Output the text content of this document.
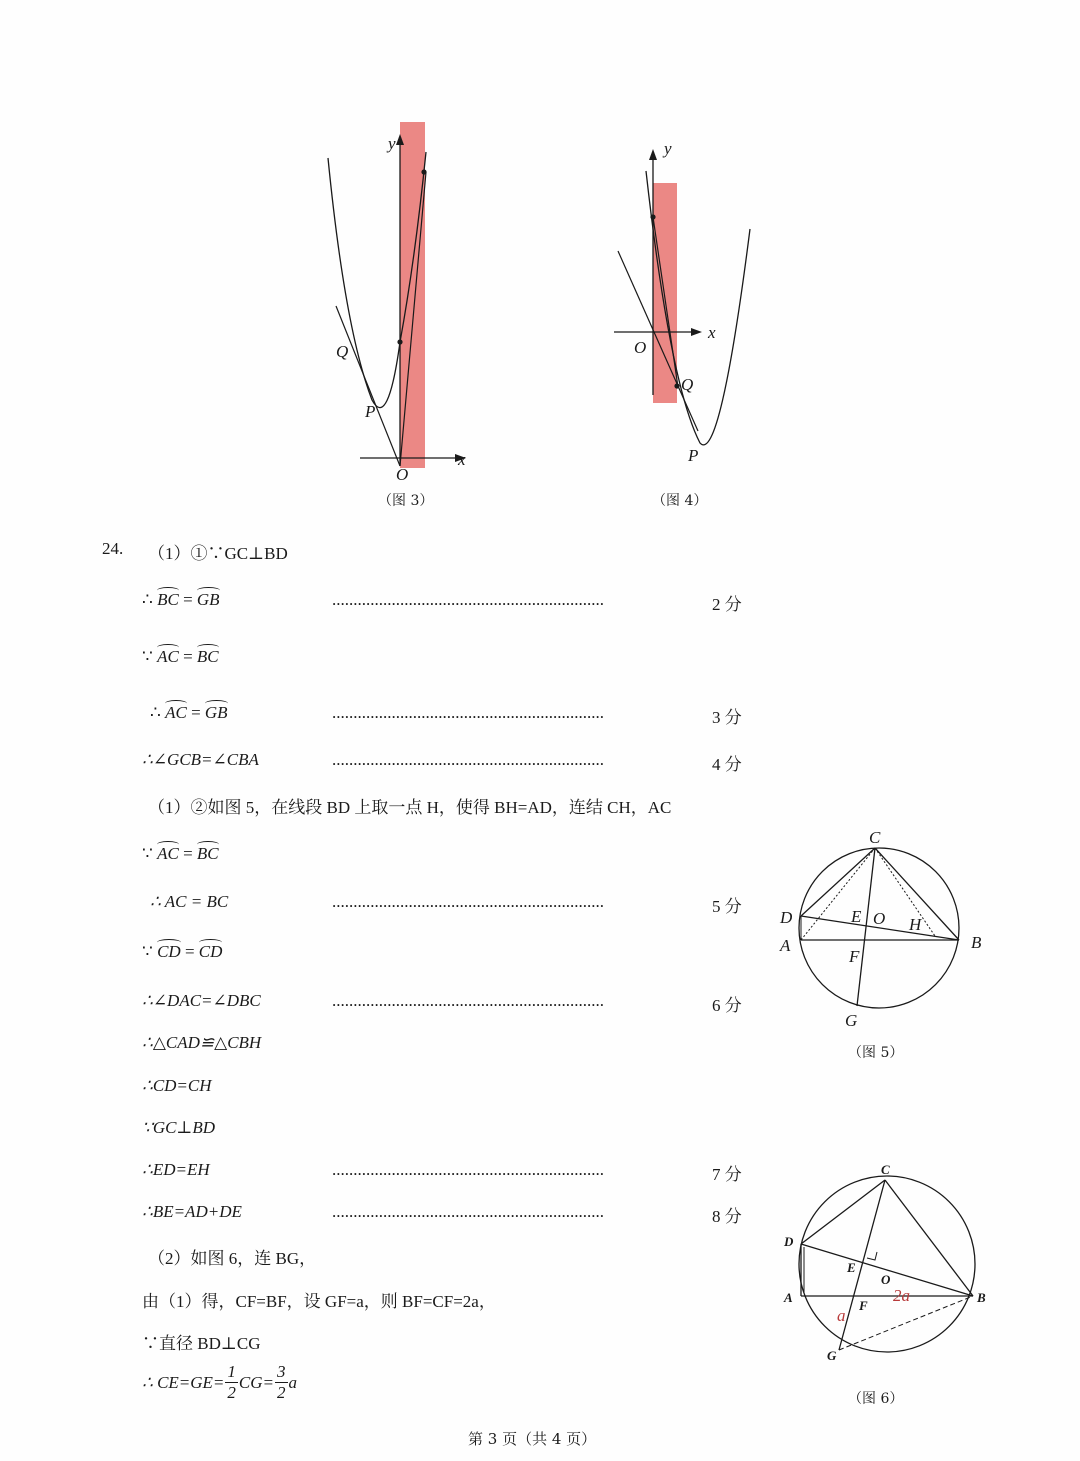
y
x
O
Q
P
（图 3）
y
x
O
Q
P
（图 4）
24. （1）①∵GC⊥BD
∴ BC = GB	................................................................	2 分
∵ AC = BC
∴ AC = GB	................................................................	3 分
∴∠GCB=∠CBA	................................................................	4 分
（1）②如图 5，在线段 BD 上取一点 H，使得 BH=AD，连结 CH，AC
∵ AC = BC
∴ AC = BC	................................................................	5 分
∵ CD = CD
∴∠DAC=∠DBC	................................................................	6 分
∴△CAD≌△CBH
∴CD=CH
∵GC⊥BD
∴ED=EH	................................................................	7 分
∴BE=AD+DE	................................................................	8 分
（2）如图 6，连 BG，
由（1）得，CF=BF，设 GF=a，则 BF=CF=2a，
∵直径 BD⊥CG
∴ $CE=GE= \frac{1}{2} CG= \frac{3}{2}$ a
C
D
A
E O H
B
F
G
（图 5）
C
D
E
O
A
F
B
G
a
2a
（图 6）
第 3 页（共 4 页）
